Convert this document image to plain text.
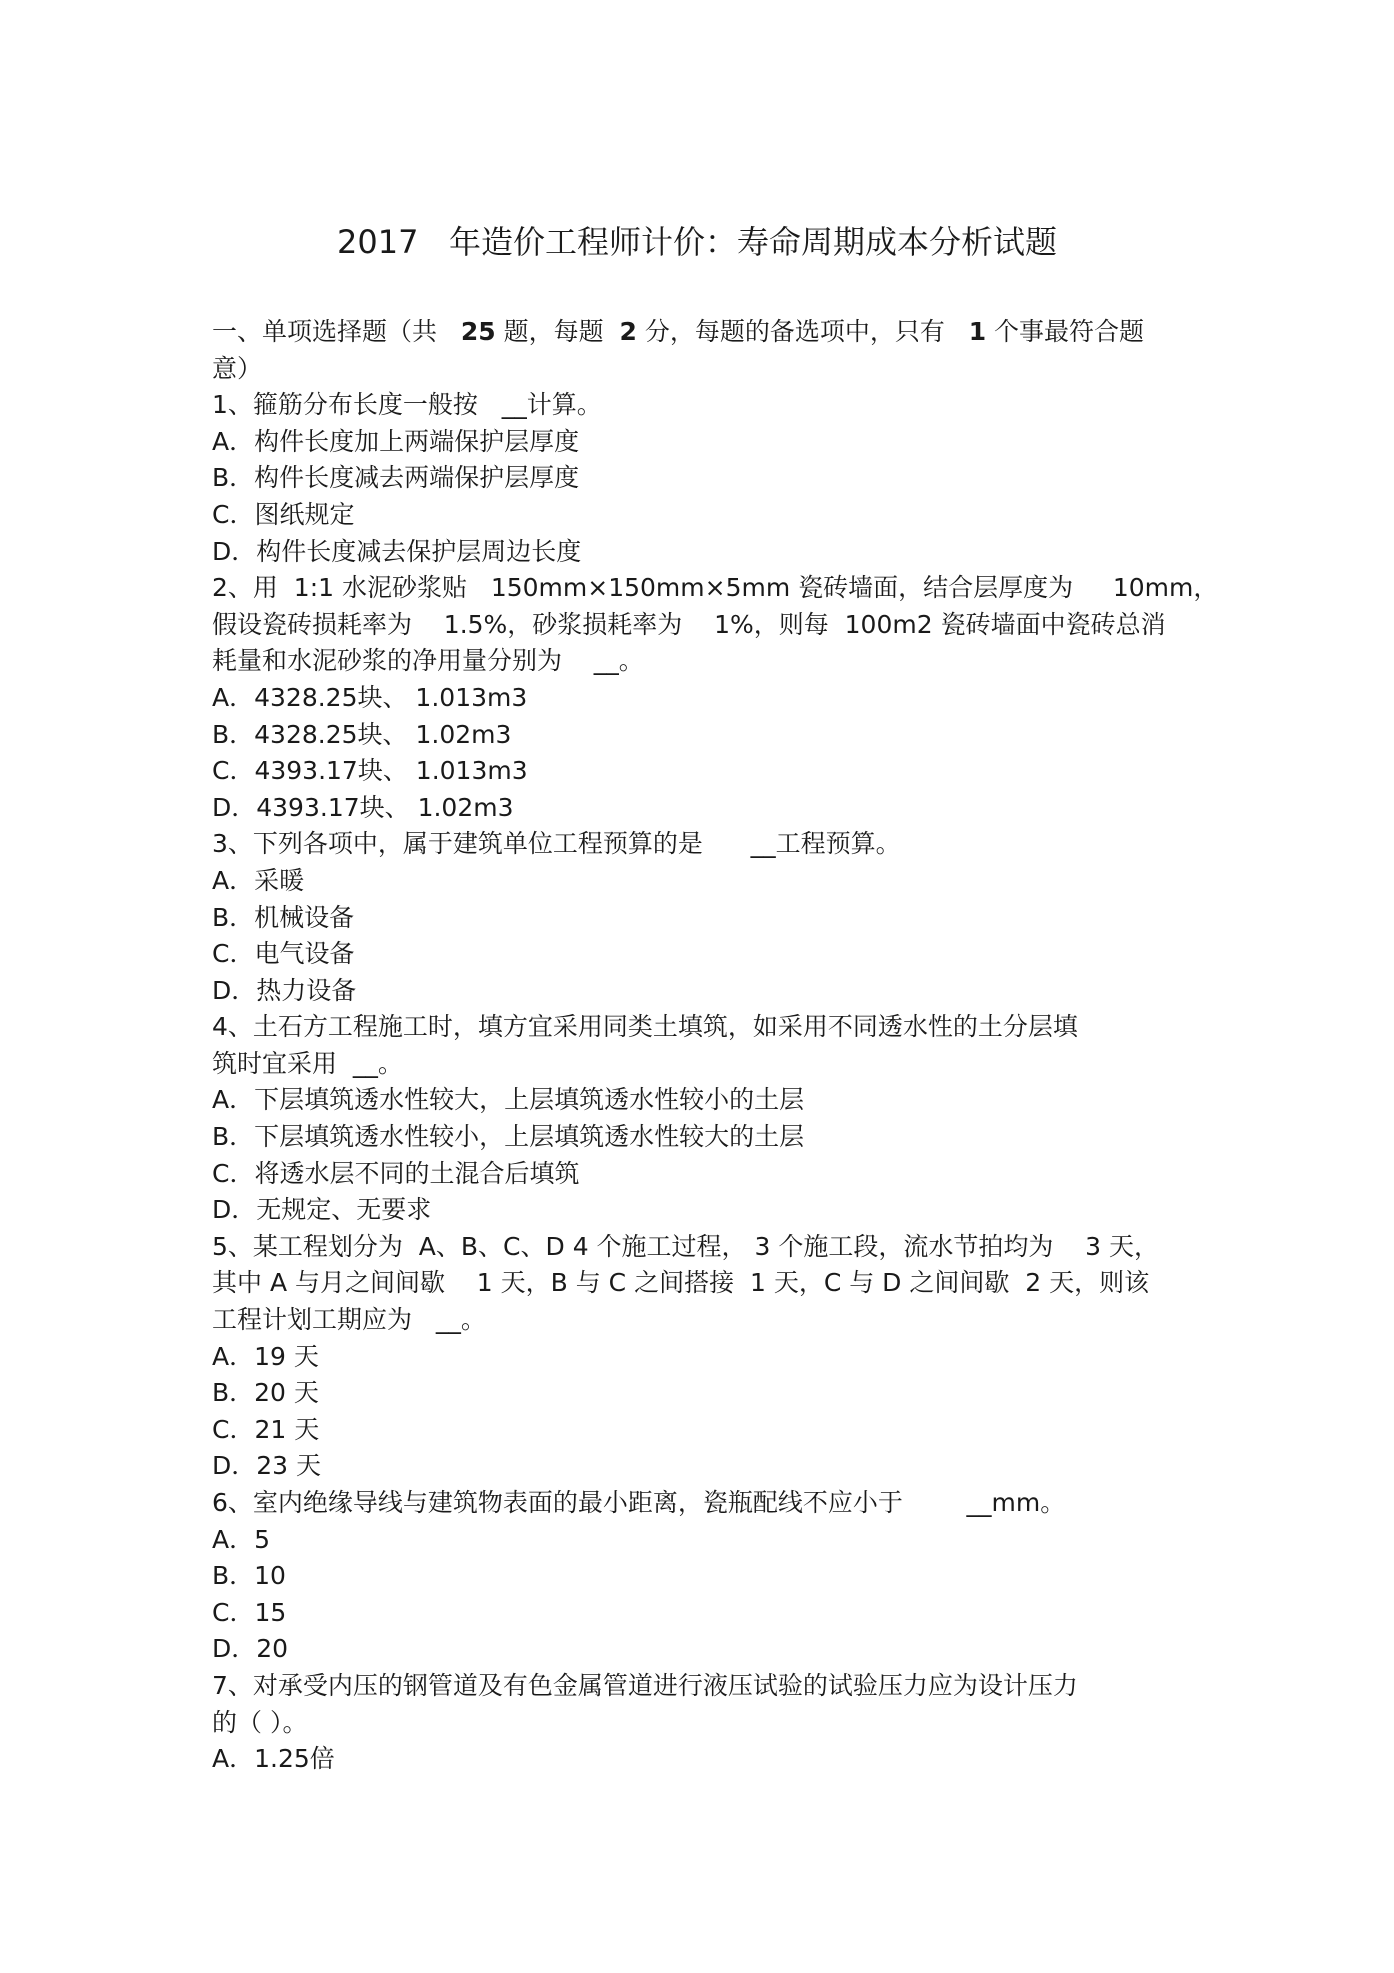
2017   年造价工程师计价：寿命周期成本分析试题
一、单项选择题（共   25 题，每题  2 分，每题的备选项中，只有   1 个事最符合题
意）
1、箍筋分布长度一般按   __计算。
A．构件长度加上两端保护层厚度
B．构件长度减去两端保护层厚度
C．图纸规定
D．构件长度减去保护层周边长度
2、用  1:1 水泥砂浆贴   150mm×150mm×5mm 瓷砖墙面，结合层厚度为     10mm，
假设瓷砖损耗率为    1.5%，砂浆损耗率为    1%，则每  100m2 瓷砖墙面中瓷砖总消
耗量和水泥砂浆的净用量分别为    __。
A．4328.25块、 1.013m3
B．4328.25块、 1.02m3
C．4393.17块、 1.013m3
D．4393.17块、 1.02m3
3、下列各项中，属于建筑单位工程预算的是      __工程预算。
A．采暖
B．机械设备
C．电气设备
D．热力设备
4、土石方工程施工时，填方宜采用同类土填筑，如采用不同透水性的土分层填
筑时宜采用  __。
A．下层填筑透水性较大，上层填筑透水性较小的土层
B．下层填筑透水性较小，上层填筑透水性较大的土层
C．将透水层不同的土混合后填筑
D．无规定、无要求
5、某工程划分为  A、B、C、D 4 个施工过程， 3 个施工段，流水节拍均为    3 天，
其中 A 与月之间间歇    1 天，B 与 C 之间搭接  1 天，C 与 D 之间间歇  2 天，则该
工程计划工期应为   __。
A．19 天
B．20 天
C．21 天
D．23 天
6、室内绝缘导线与建筑物表面的最小距离，瓷瓶配线不应小于        __mm。
A．5
B．10
C．15
D．20
7、对承受内压的钢管道及有色金属管道进行液压试验的试验压力应为设计压力
的（ ）。
A．1.25倍
